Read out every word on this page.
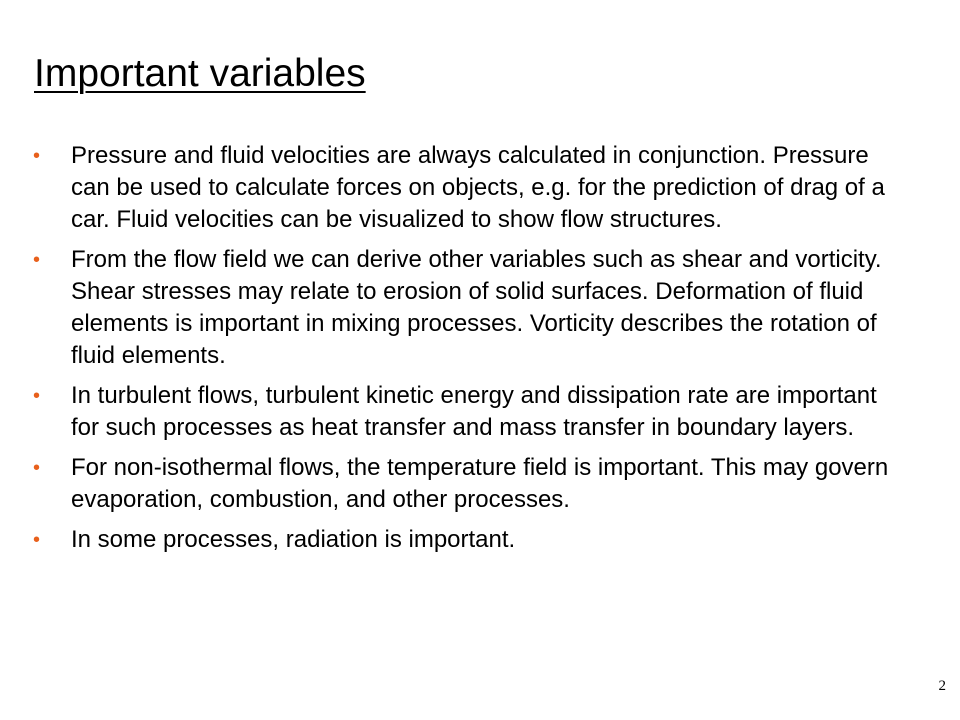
Important variables
• Pressure and fluid velocities are always calculated in conjunction. Pressure can be used to calculate forces on objects, e.g. for the prediction of drag of a car. Fluid velocities can be visualized to show flow structures.
• From the flow field we can derive other variables such as shear and vorticity. Shear stresses may relate to erosion of solid surfaces. Deformation of fluid elements is important in mixing processes. Vorticity describes the rotation of fluid elements.
• In turbulent flows, turbulent kinetic energy and dissipation rate are important for such processes as heat transfer and mass transfer in boundary layers.
• For non-isothermal flows, the temperature field is important. This may govern evaporation, combustion, and other processes.
• In some processes, radiation is important.
2
